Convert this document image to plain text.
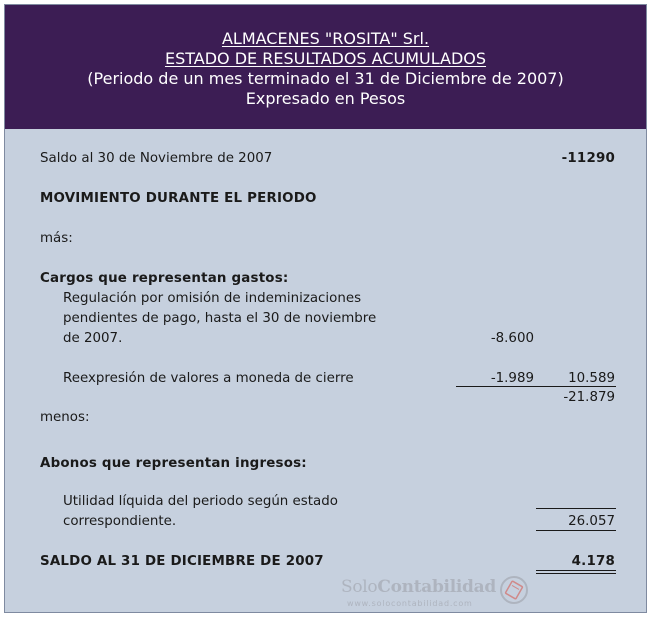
ALMACENES "ROSITA" Srl.
ESTADO DE RESULTADOS ACUMULADOS
(Periodo de un mes terminado el 31 de Diciembre de 2007)
Expresado en Pesos
Saldo al 30 de Noviembre de 2007	-11290
MOVIMIENTO DURANTE EL PERIODO
más:
Cargos que representan gastos:
Regulación por omisión de indeminizaciones
pendientes de pago, hasta el 30 de noviembre
de 2007.	-8.600
Reexpresión de valores a moneda de cierre	-1.989	10.589
-21.879
menos:
Abonos que representan ingresos:
Utilidad líquida del periodo según estado
correspondiente.	26.057
SALDO AL 31 DE DICIEMBRE DE 2007	4.178
SoloContabilidad
www.solocontabilidad.com
